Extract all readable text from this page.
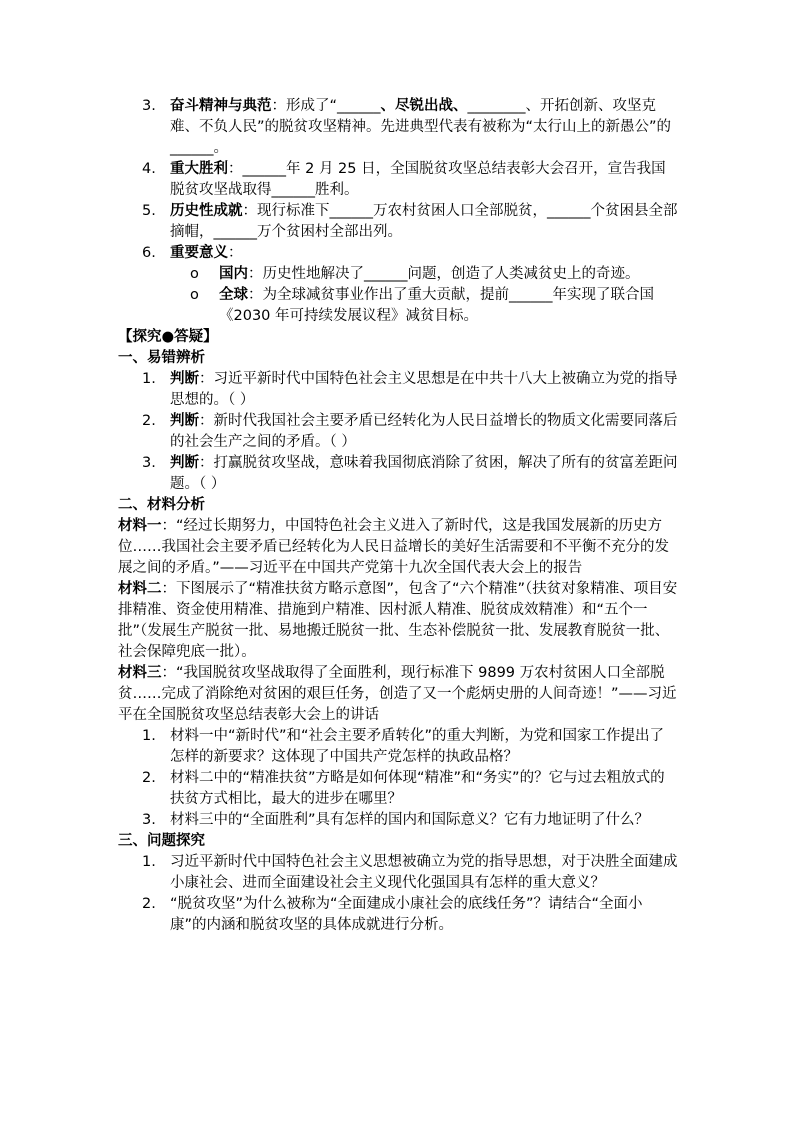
3. 奋斗精神与典范：形成了“______、尽锐出战、________、开拓创新、攻坚克难、不负人民”的脱贫攻坚精神。先进典型代表有被称为“太行山上的新愚公”的______。
4. 重大胜利：______年 2 月 25 日，全国脱贫攻坚总结表彰大会召开，宣告我国脱贫攻坚战取得______胜利。
5. 历史性成就：现行标准下______万农村贫困人口全部脱贫，______个贫困县全部摘帽，______万个贫困村全部出列。
6. 重要意义：
o 国内：历史性地解决了______问题，创造了人类减贫史上的奇迹。
o 全球：为全球减贫事业作出了重大贡献，提前______年实现了联合国《2030 年可持续发展议程》减贫目标。

【探究●答疑】

一、易错辨析

1. 判断：习近平新时代中国特色社会主义思想是在中共十八大上被确立为党的指导思想的。（ ）
2. 判断：新时代我国社会主要矛盾已经转化为人民日益增长的物质文化需要同落后的社会生产之间的矛盾。（ ）
3. 判断：打赢脱贫攻坚战，意味着我国彻底消除了贫困，解决了所有的贫富差距问题。（ ）

二、材料分析

材料一：“经过长期努力，中国特色社会主义进入了新时代，这是我国发展新的历史方位……我国社会主要矛盾已经转化为人民日益增长的美好生活需要和不平衡不充分的发展之间的矛盾。”——习近平在中国共产党第十九次全国代表大会上的报告

材料二：下图展示了“精准扶贫方略示意图”，包含了“六个精准”（扶贫对象精准、项目安排精准、资金使用精准、措施到户精准、因村派人精准、脱贫成效精准）和“五个一批”（发展生产脱贫一批、易地搬迁脱贫一批、生态补偿脱贫一批、发展教育脱贫一批、社会保障兜底一批）。

材料三：“我国脱贫攻坚战取得了全面胜利，现行标准下 9899 万农村贫困人口全部脱贫……完成了消除绝对贫困的艰巨任务，创造了又一个彪炳史册的人间奇迹！”——习近平在全国脱贫攻坚总结表彰大会上的讲话

1. 材料一中“新时代”和“社会主要矛盾转化”的重大判断，为党和国家工作提出了怎样的新要求？这体现了中国共产党怎样的执政品格？
2. 材料二中的“精准扶贫”方略是如何体现“精准”和“务实”的？它与过去粗放式的扶贫方式相比，最大的进步在哪里？
3. 材料三中的“全面胜利”具有怎样的国内和国际意义？它有力地证明了什么？

三、问题探究

1. 习近平新时代中国特色社会主义思想被确立为党的指导思想，对于决胜全面建成小康社会、进而全面建设社会主义现代化强国具有怎样的重大意义？
2. “脱贫攻坚”为什么被称为“全面建成小康社会的底线任务”？请结合“全面小康”的内涵和脱贫攻坚的具体成就进行分析。
